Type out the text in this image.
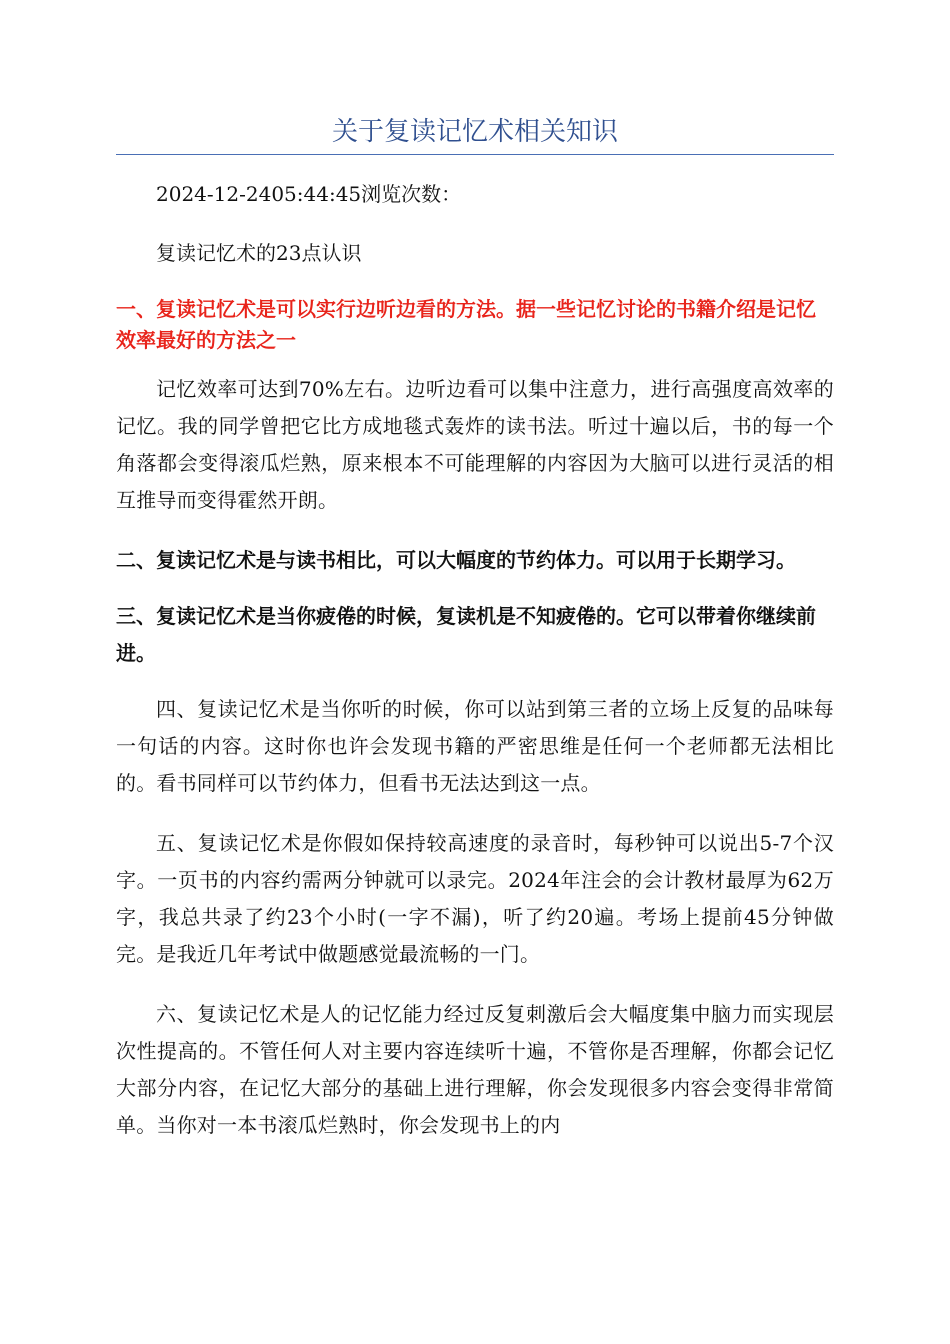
关于复读记忆术相关知识

2024-12-2405:44:45浏览次数：

复读记忆术的23点认识

一、复读记忆术是可以实行边听边看的方法。据一些记忆讨论的书籍介绍是记忆效率最好的方法之一

记忆效率可达到70%左右。边听边看可以集中注意力，进行高强度高效率的记忆。我的同学曾把它比方成地毯式轰炸的读书法。听过十遍以后，书的每一个角落都会变得滚瓜烂熟，原来根本不可能理解的内容因为大脑可以进行灵活的相互推导而变得霍然开朗。

二、复读记忆术是与读书相比，可以大幅度的节约体力。可以用于长期学习。
三、复读记忆术是当你疲倦的时候，复读机是不知疲倦的。它可以带着你继续前进。

四、复读记忆术是当你听的时候，你可以站到第三者的立场上反复的品味每一句话的内容。这时你也许会发现书籍的严密思维是任何一个老师都无法相比的。看书同样可以节约体力，但看书无法达到这一点。

五、复读记忆术是你假如保持较高速度的录音时，每秒钟可以说出5-7个汉字。一页书的内容约需两分钟就可以录完。2024年注会的会计教材最厚为62万字，我总共录了约23个小时(一字不漏)，听了约20遍。考场上提前45分钟做完。是我近几年考试中做题感觉最流畅的一门。

六、复读记忆术是人的记忆能力经过反复刺激后会大幅度集中脑力而实现层次性提高的。不管任何人对主要内容连续听十遍，不管你是否理解，你都会记忆大部分内容，在记忆大部分的基础上进行理解，你会发现很多内容会变得非常简单。当你对一本书滚瓜烂熟时，你会发现书上的内
